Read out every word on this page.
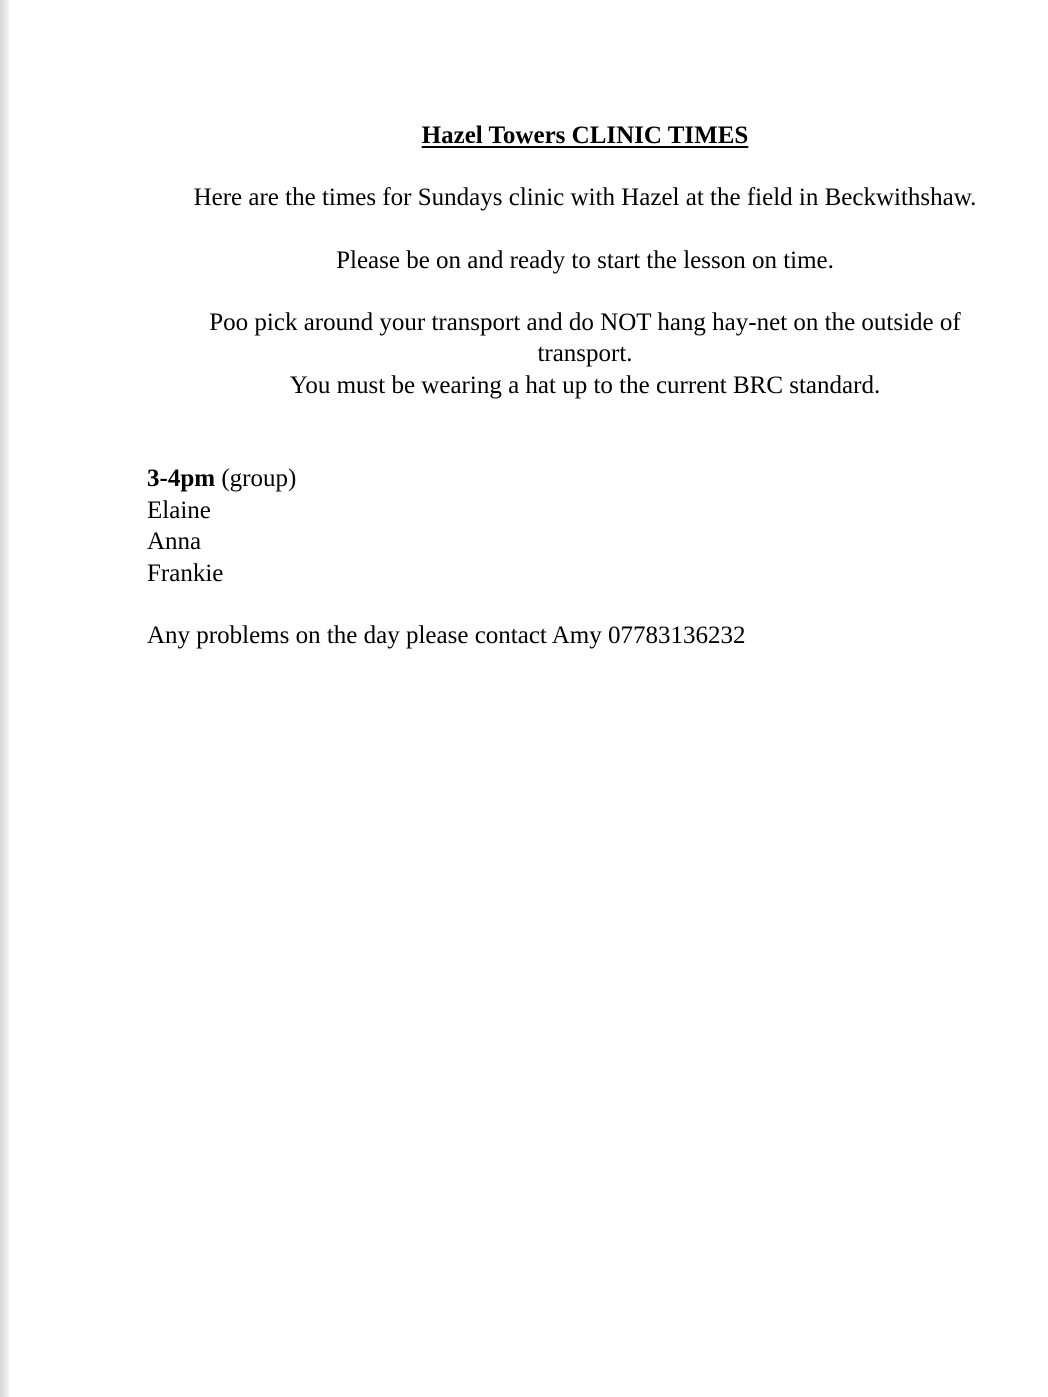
Hazel Towers CLINIC TIMES
Here are the times for Sundays clinic with Hazel at the field in Beckwithshaw.
Please be on and ready to start the lesson on time.
Poo pick around your transport and do NOT hang hay-net on the outside of
transport.
You must be wearing a hat up to the current BRC standard.
3-4pm (group)
Elaine
Anna
Frankie
Any problems on the day please contact Amy 07783136232
